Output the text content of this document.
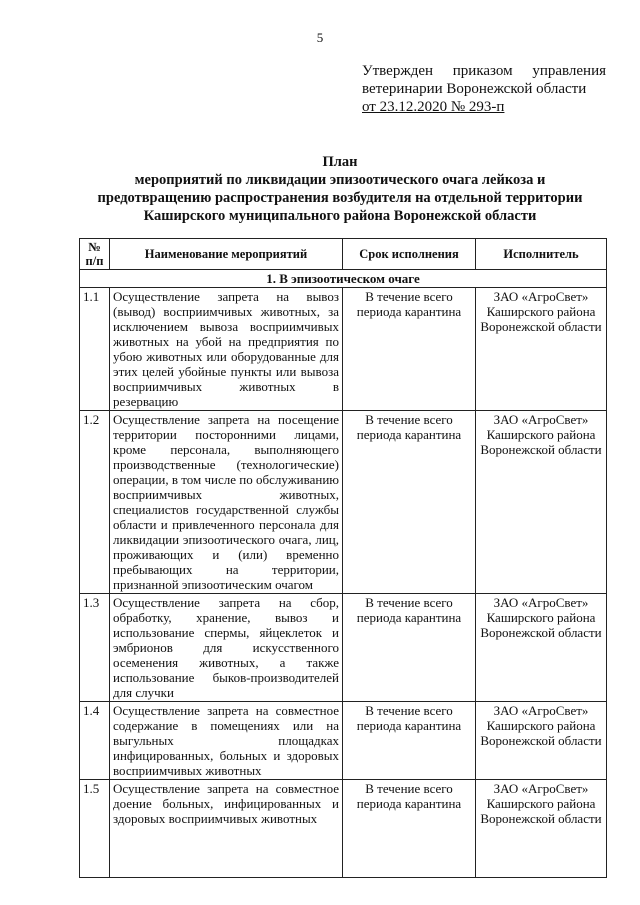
5
Утвержден приказом управления
ветеринарии Воронежской области
от 23.12.2020 № 293-п
План
мероприятий по ликвидации эпизоотического очага лейкоза и
предотвращению распространения возбудителя на отдельной территории
Каширского муниципального района Воронежской области
№ п/п	Наименование мероприятий	Срок исполнения	Исполнитель
1. В эпизоотическом очаге			
1.1	Осуществление запрета на вывоз (вывод) восприимчивых животных, за исключением вывоза восприимчивых животных на убой на предприятия по убою животных или оборудованные для этих целей убойные пункты или вывоза восприимчивых животных в резервацию	В течение всего периода карантина	ЗАО «АгроСвет» Каширского района Воронежской области
1.2	Осуществление запрета на посещение территории посторонними лицами, кроме персонала, выполняющего производственные (технологические) операции, в том числе по обслуживанию восприимчивых животных, специалистов государственной службы области и привлеченного персонала для ликвидации эпизоотического очага, лиц, проживающих и (или) временно пребывающих на территории, признанной эпизоотическим очагом	В течение всего периода карантина	ЗАО «АгроСвет» Каширского района Воронежской области
1.3	Осуществление запрета на сбор, обработку, хранение, вывоз и использование спермы, яйцеклеток и эмбрионов для искусственного осеменения животных, а также использование быков-производителей для случки	В течение всего периода карантина	ЗАО «АгроСвет» Каширского района Воронежской области
1.4	Осуществление запрета на совместное содержание в помещениях или на выгульных площадках инфицированных, больных и здоровых восприимчивых животных	В течение всего периода карантина	ЗАО «АгроСвет» Каширского района Воронежской области
1.5	Осуществление запрета на совместное доение больных, инфицированных и здоровых восприимчивых животных	В течение всего периода карантина	ЗАО «АгроСвет» Каширского района Воронежской области
